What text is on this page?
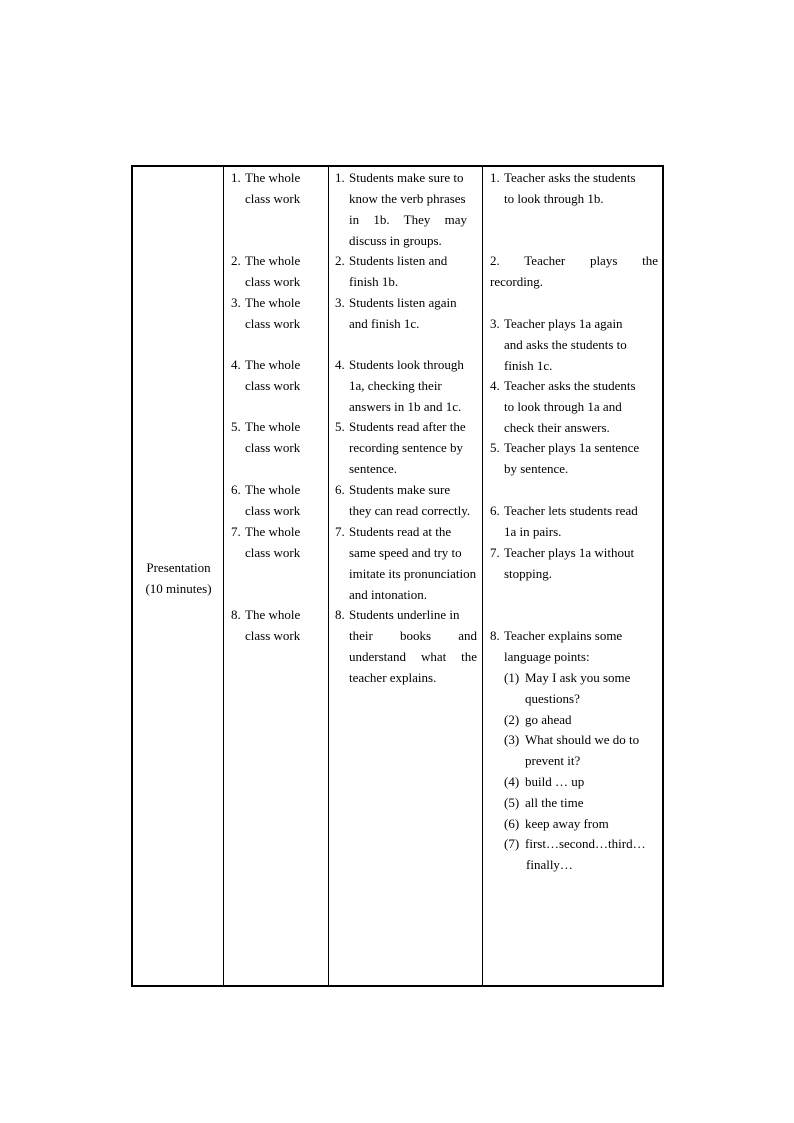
Presentation
(10 minutes)
1. The whole
class work
2. The whole
class work
3. The whole
class work
4. The whole
class work
5. The whole
class work
6. The whole
class work
7. The whole
class work
8. The whole
class work
1. Students make sure to
know the verb phrases
in 1b. They may
discuss in groups.
2. Students listen and
finish 1b.
3. Students listen again
and finish 1c.
4. Students look through
1a, checking their
answers in 1b and 1c.
5. Students read after the
recording sentence by
sentence.
6. Students make sure
they can read correctly.
7. Students read at the
same speed and try to
imitate its pronunciation
and intonation.
8. Students underline in
their books and
understand what the
teacher explains.
1. Teacher asks the students
to look through 1b.
2. Teacher plays the
recording.
3. Teacher plays 1a again
and asks the students to
finish 1c.
4. Teacher asks the students
to look through 1a and
check their answers.
5. Teacher plays 1a sentence
by sentence.
6. Teacher lets students read
1a in pairs.
7. Teacher plays 1a without
stopping.
8. Teacher explains some
language points:
(1) May I ask you some
questions?
(2) go ahead
(3) What should we do to
prevent it?
(4) build … up
(5) all the time
(6) keep away from
(7) first…second…third…
finally…
